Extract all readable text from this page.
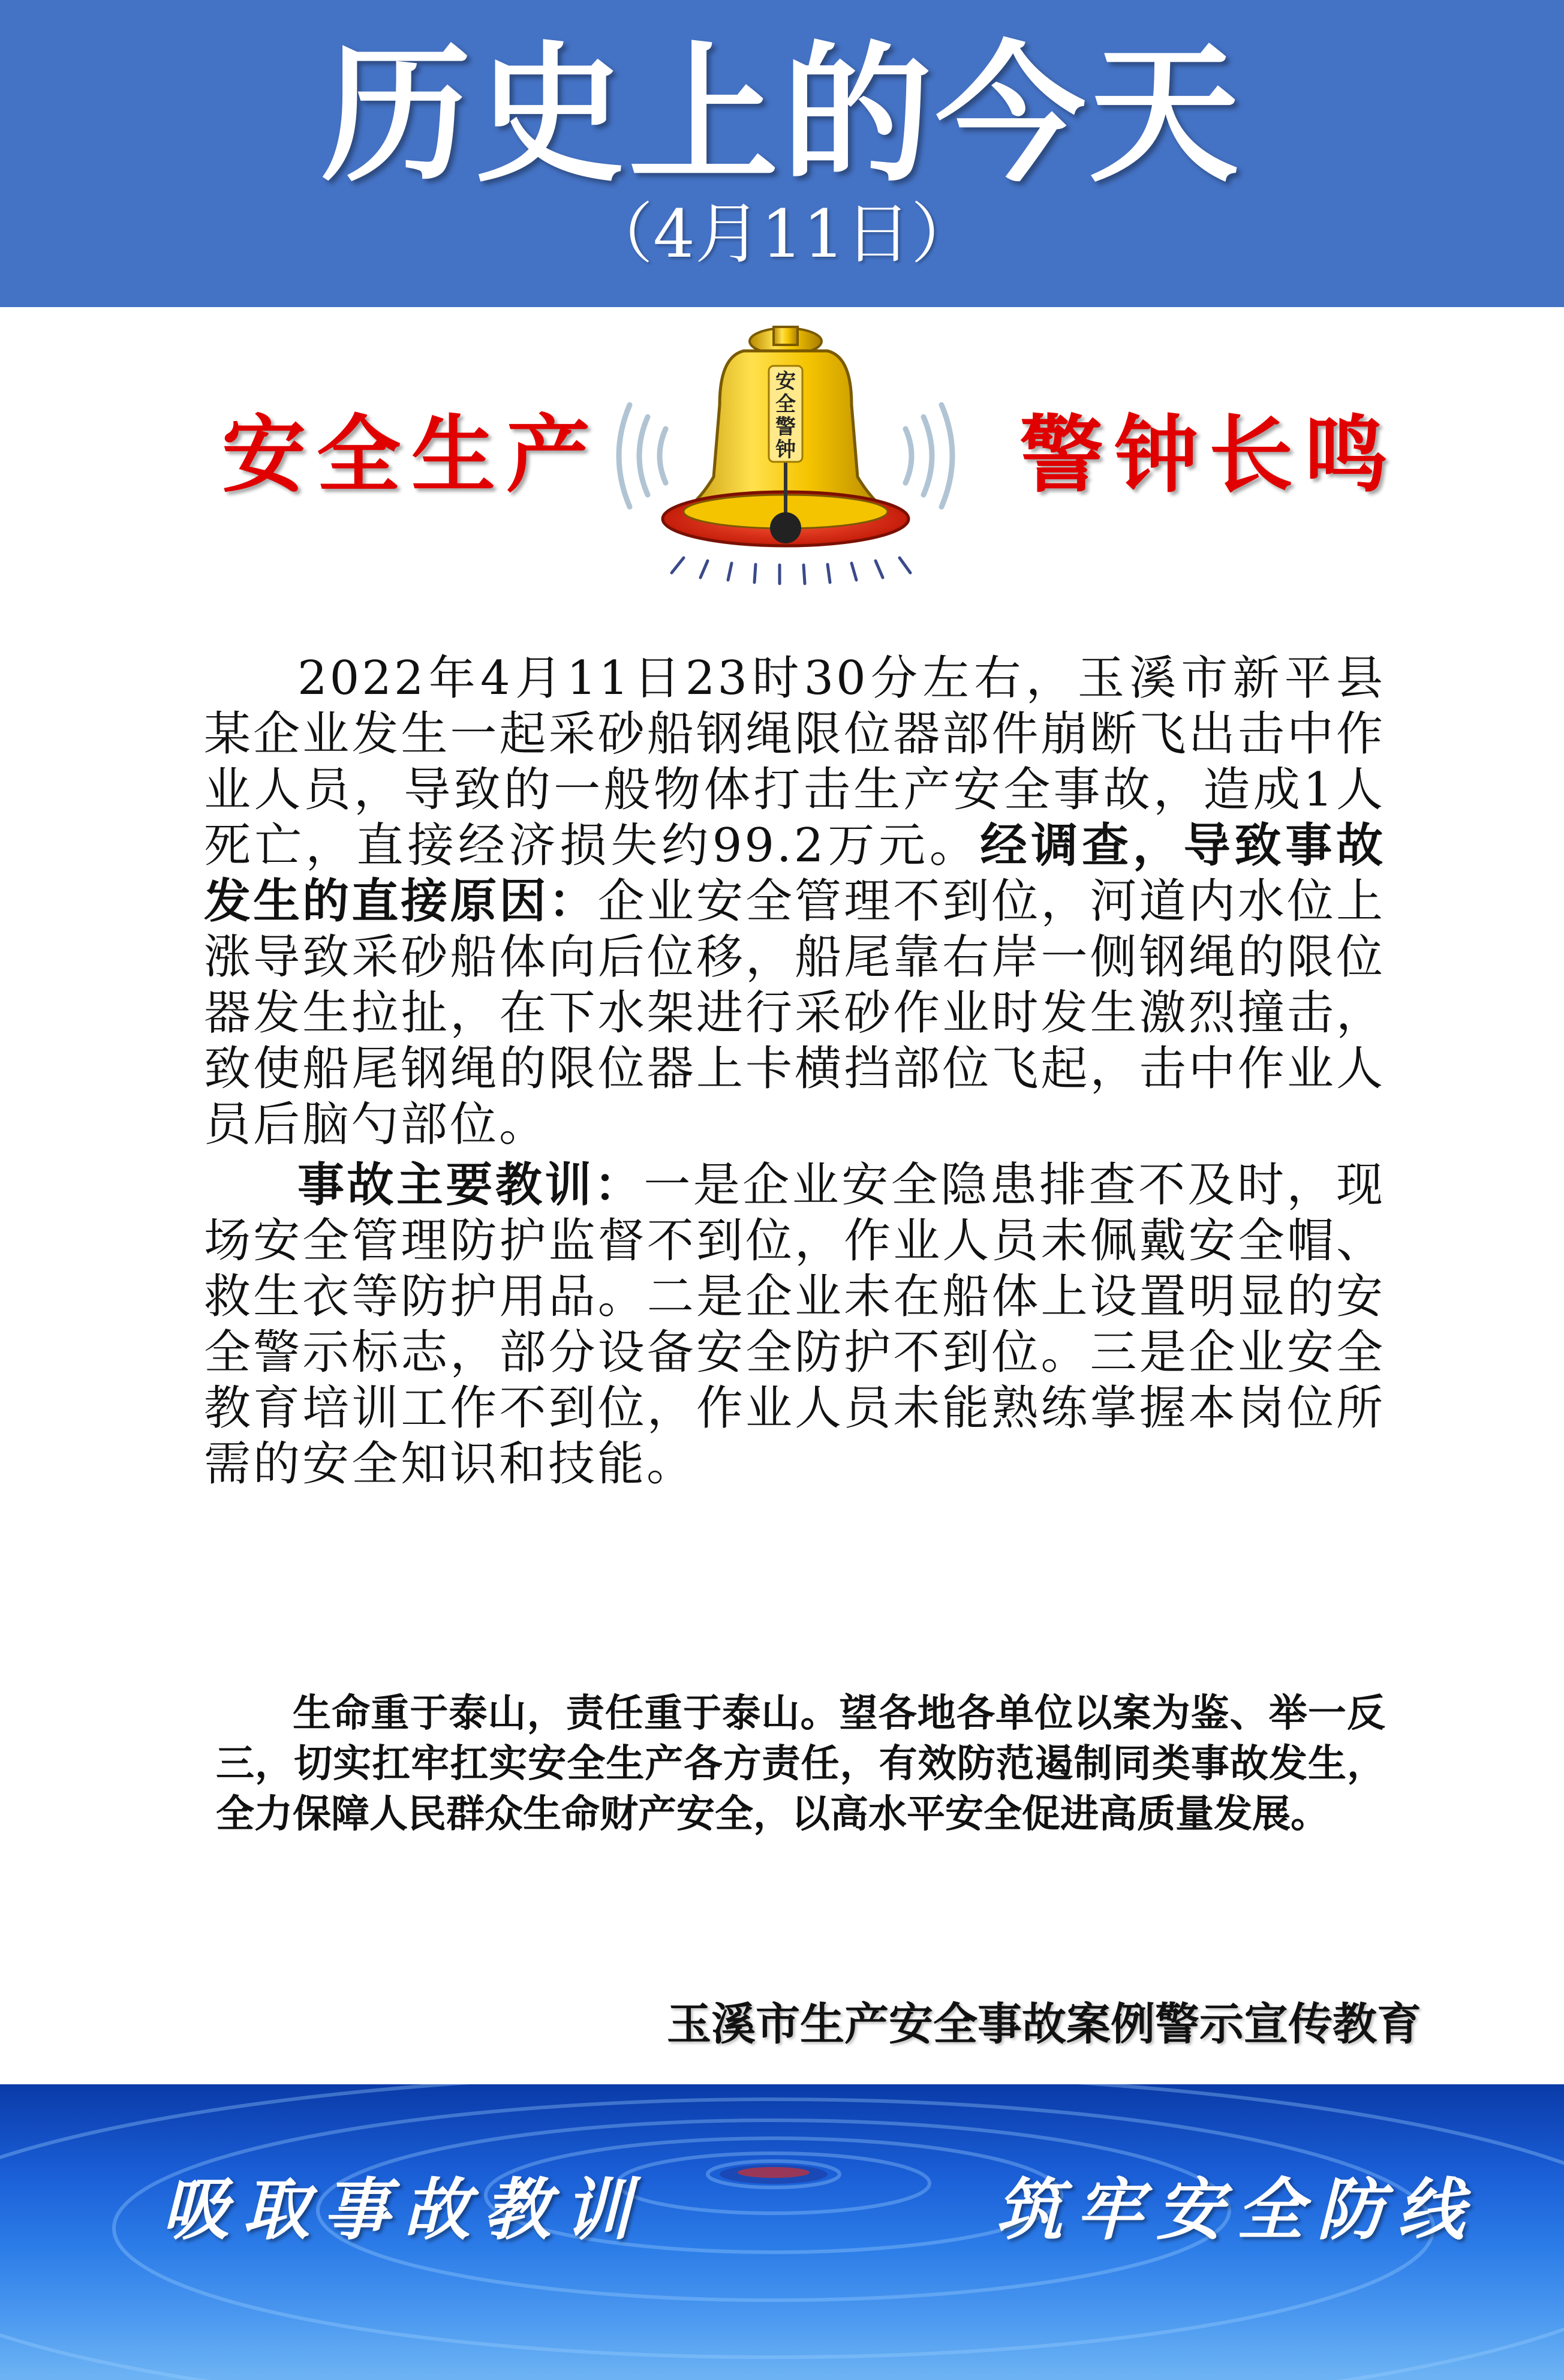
历史上的今天
（4月11日）
安全生产
安
全
警
钟	警钟长鸣

2022年4月11日23时30分左右，玉溪市新平县某企业发生一起采砂船钢绳限位器部件崩断飞出击中作业人员，导致的一般物体打击生产安全事故，造成1人死亡，直接经济损失约99.2万元。经调查，导致事故发生的直接原因：企业安全管理不到位，河道内水位上涨导致采砂船体向后位移，船尾靠右岸一侧钢绳的限位器发生拉扯，在下水架进行采砂作业时发生激烈撞击，致使船尾钢绳的限位器上卡横挡部位飞起，击中作业人员后脑勺部位。

事故主要教训：一是企业安全隐患排查不及时，现场安全管理防护监督不到位，作业人员未佩戴安全帽、救生衣等防护用品。二是企业未在船体上设置明显的安全警示标志，部分设备安全防护不到位。三是企业安全教育培训工作不到位，作业人员未能熟练掌握本岗位所需的安全知识和技能。

生命重于泰山，责任重于泰山。望各地各单位以案为鉴、举一反三，切实扛牢扛实安全生产各方责任，有效防范遏制同类事故发生，全力保障人民群众生命财产安全，以高水平安全促进高质量发展。
玉溪市生产安全事故案例警示宣传教育
吸取事故教训	筑牢安全防线
